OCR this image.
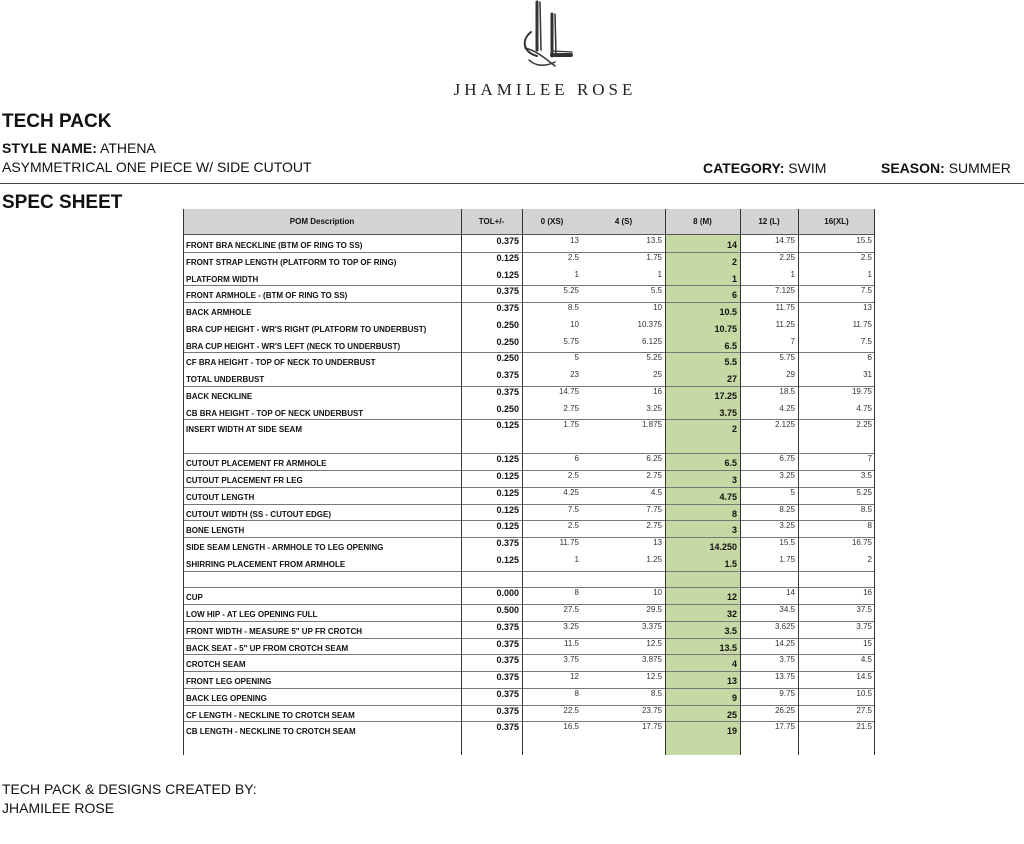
JHAMILEE ROSE
TECH PACK
STYLE NAME: ATHENA
ASYMMETRICAL ONE PIECE W/ SIDE CUTOUT	CATEGORY: SWIM	SEASON: SUMMER
SPEC SHEET
POM Description	TOL+/-	0 (XS)	4 (S)	8 (M)	12 (L)	16(XL)
FRONT BRA NECKLINE (BTM OF RING TO SS)	0.375	13	13.5	14	14.75	15.5
FRONT STRAP LENGTH (PLATFORM TO TOP OF RING)	0.125	2.5	1.75	2	2.25	2.5
PLATFORM WIDTH	0.125	1	1	1	1	1
FRONT ARMHOLE - (BTM OF RING TO SS)	0.375	5.25	5.5	6	7.125	7.5
BACK ARMHOLE	0.375	8.5	10	10.5	11.75	13
BRA CUP HEIGHT - WR'S RIGHT (PLATFORM TO UNDERBUST)	0.250	10	10.375	10.75	11.25	11.75
BRA CUP HEIGHT - WR'S LEFT (NECK TO UNDERBUST)	0.250	5.75	6.125	6.5	7	7.5
CF BRA HEIGHT - TOP OF NECK TO UNDERBUST	0.250	5	5.25	5.5	5.75	6
TOTAL UNDERBUST	0.375	23	25	27	29	31
BACK NECKLINE	0.375	14.75	16	17.25	18.5	19.75
CB BRA HEIGHT - TOP OF NECK UNDERBUST	0.250	2.75	3.25	3.75	4.25	4.75
INSERT WIDTH AT SIDE SEAM	0.125	1.75	1.875	2	2.125	2.25
CUTOUT PLACEMENT FR ARMHOLE	0.125	6	6.25	6.5	6.75	7
CUTOUT PLACEMENT FR LEG	0.125	2.5	2.75	3	3.25	3.5
CUTOUT LENGTH	0.125	4.25	4.5	4.75	5	5.25
CUTOUT WIDTH (SS - CUTOUT EDGE)	0.125	7.5	7.75	8	8.25	8.5
BONE LENGTH	0.125	2.5	2.75	3	3.25	8
SIDE SEAM LENGTH - ARMHOLE TO LEG OPENING	0.375	11.75	13	14.250	15.5	16.75
SHIRRING PLACEMENT FROM ARMHOLE	0.125	1	1.25	1.5	1.75	2
CUP	0.000	8	10	12	14	16
LOW HIP - AT LEG OPENING FULL	0.500	27.5	29.5	32	34.5	37.5
FRONT WIDTH - MEASURE 5" UP FR CROTCH	0.375	3.25	3.375	3.5	3.625	3.75
BACK SEAT - 5" UP FROM CROTCH SEAM	0.375	11.5	12.5	13.5	14.25	15
CROTCH SEAM	0.375	3.75	3.875	4	3.75	4.5
FRONT LEG OPENING	0.375	12	12.5	13	13.75	14.5
BACK LEG OPENING	0.375	8	8.5	9	9.75	10.5
CF LENGTH - NECKLINE TO CROTCH SEAM	0.375	22.5	23.75	25	26.25	27.5
CB LENGTH - NECKLINE TO CROTCH SEAM	0.375	16.5	17.75	19	17.75	21.5
TECH PACK & DESIGNS CREATED BY:
JHAMILEE ROSE
